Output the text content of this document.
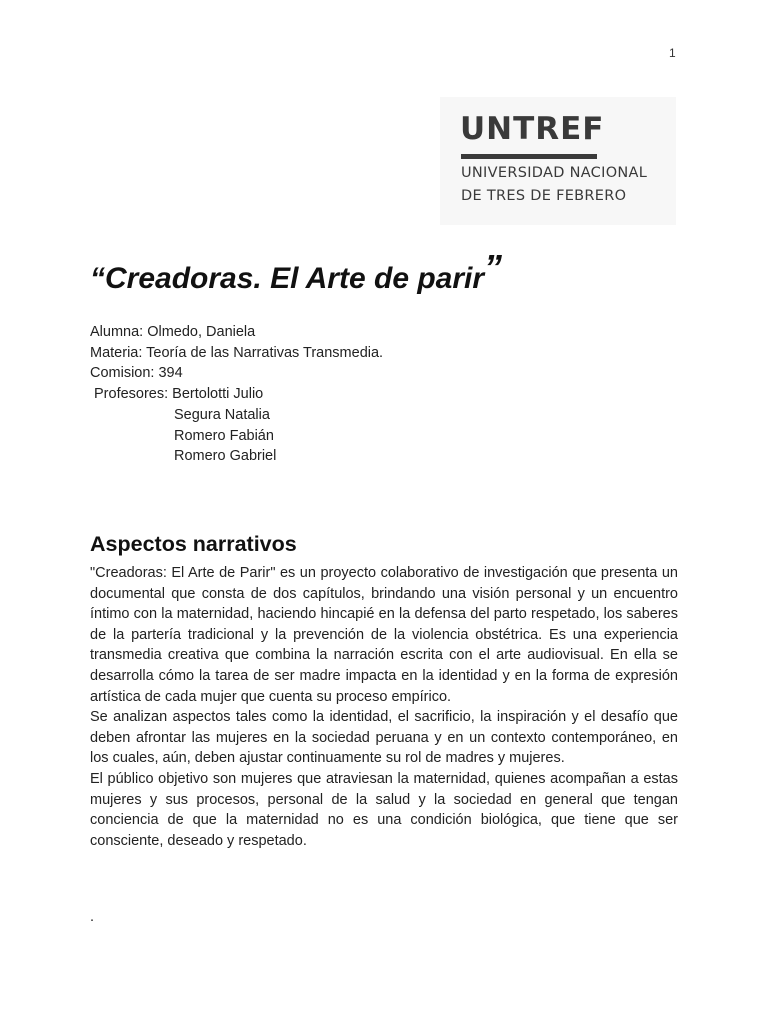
1
UNTREF
UNIVERSIDAD NACIONAL
DE TRES DE FEBRERO
“Creadoras. El Arte de parir”
Alumna: Olmedo, Daniela
Materia: Teoría de las Narrativas Transmedia.
Comision: 394
Profesores: Bertolotti Julio
Segura Natalia
Romero Fabián
Romero Gabriel
Aspectos narrativos

"Creadoras: El Arte de Parir" es un proyecto colaborativo de investigación que presenta un documental que consta de dos capítulos, brindando una visión personal y un encuentro íntimo con la maternidad, haciendo hincapié en la defensa del parto respetado, los saberes de la partería tradicional y la prevención de la violencia obstétrica. Es una experiencia transmedia creativa que combina la narración escrita con el arte audiovisual. En ella se desarrolla cómo la tarea de ser madre impacta en la identidad y en la forma de expresión artística de cada mujer que cuenta su proceso empírico.

Se analizan aspectos tales como la identidad, el sacrificio, la inspiración y el desafío que deben afrontar las mujeres en la sociedad peruana y en un contexto contemporáneo, en los cuales, aún, deben ajustar continuamente su rol de madres y mujeres.

El público objetivo son mujeres que atraviesan la maternidad, quienes acompañan a estas mujeres y sus procesos, personal de la salud y la sociedad en general que tengan conciencia de que la maternidad no es una condición biológica, que tiene que ser consciente, deseado y respetado.

.
